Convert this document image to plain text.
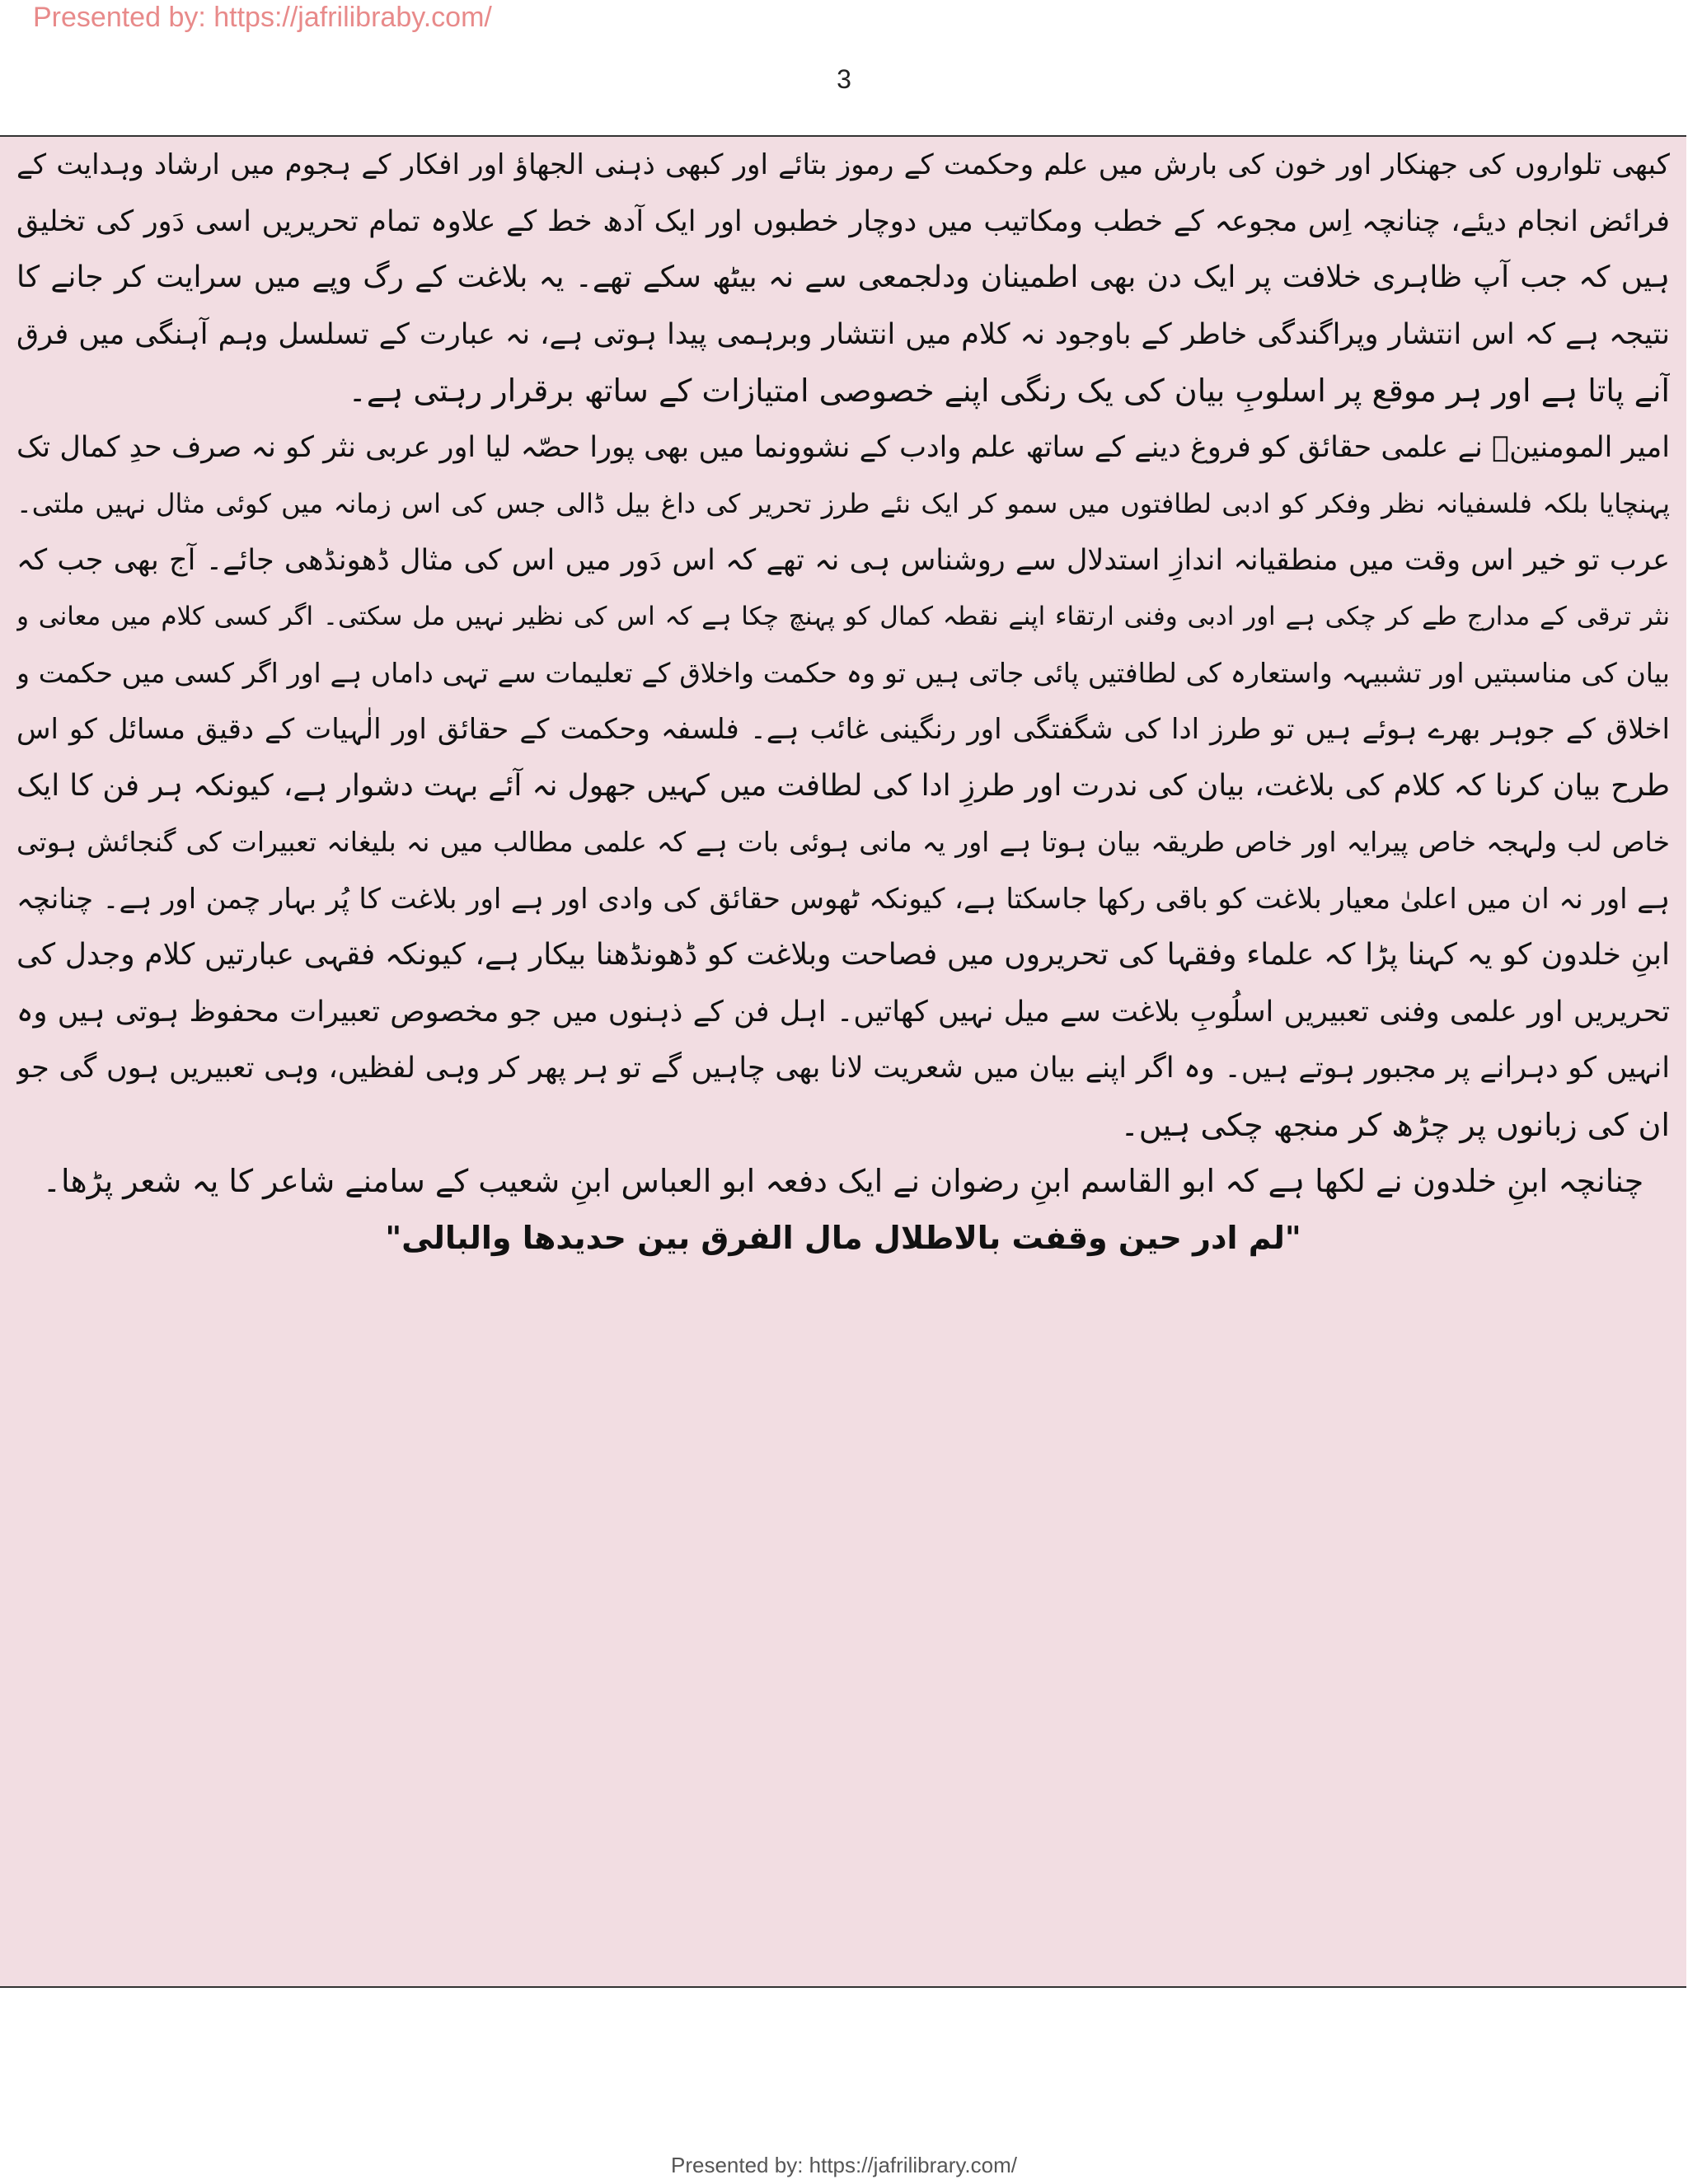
Presented by: https://jafrilibraby.com/
3
کبھی تلواروں کی جھنکار اور خون کی بارش میں علم وحکمت کے رموز بتائے اور کبھی ذہنی الجھاؤ اور افکار کے ہجوم میں ارشاد وہدایت کے
فرائض انجام دیئے، چنانچہ اِس مجوعہ کے خطب ومکاتیب میں دوچار خطبوں اور ایک آدھ خط کے علاوہ تمام تحریریں اسی دَور کی تخلیق
ہیں کہ جب آپ ظاہری خلافت پر ایک دن بھی اطمینان ودلجمعی سے نہ بیٹھ سکے تھے۔ یہ بلاغت کے رگ وپے میں سرایت کر جانے کا
نتیجہ ہے کہ اس انتشار وپراگندگی خاطر کے باوجود نہ کلام میں انتشار وبرہمی پیدا ہوتی ہے، نہ عبارت کے تسلسل وہم آہنگی میں فرق
آنے پاتا ہے اور ہر موقع پر اسلوبِ بیان کی یک رنگی اپنے خصوصی امتیازات کے ساتھ برقرار رہتی ہے۔
امیر المومنینؑ نے علمی حقائق کو فروغ دینے کے ساتھ علم وادب کے نشوونما میں بھی پورا حصّہ لیا اور عربی نثر کو نہ صرف حدِ کمال تک
پہنچایا بلکہ فلسفیانہ نظر وفکر کو ادبی لطافتوں میں سمو کر ایک نئے طرز تحریر کی داغ بیل ڈالی جس کی اس زمانہ میں کوئی مثال نہیں ملتی۔
عرب تو خیر اس وقت میں منطقیانہ اندازِ استدلال سے روشناس ہی نہ تھے کہ اس دَور میں اس کی مثال ڈھونڈھی جائے۔ آج بھی جب کہ
نثر ترقی کے مدارج طے کر چکی ہے اور ادبی وفنی ارتقاء اپنے نقطہ کمال کو پہنچ چکا ہے کہ اس کی نظیر نہیں مل سکتی۔ اگر کسی کلام میں معانی و
بیان کی مناسبتیں اور تشبیہہ واستعارہ کی لطافتیں پائی جاتی ہیں تو وہ حکمت واخلاق کے تعلیمات سے تہی داماں ہے اور اگر کسی میں حکمت و
اخلاق کے جوہر بھرے ہوئے ہیں تو طرز ادا کی شگفتگی اور رنگینی غائب ہے۔ فلسفہ وحکمت کے حقائق اور الٰہیات کے دقیق مسائل کو اس
طرح بیان کرنا کہ کلام کی بلاغت، بیان کی ندرت اور طرزِ ادا کی لطافت میں کہیں جھول نہ آئے بہت دشوار ہے، کیونکہ ہر فن کا ایک
خاص لب ولہجہ خاص پیرایہ اور خاص طریقہ بیان ہوتا ہے اور یہ مانی ہوئی بات ہے کہ علمی مطالب میں نہ بلیغانہ تعبیرات کی گنجائش ہوتی
ہے اور نہ ان میں اعلیٰ معیار بلاغت کو باقی رکھا جاسکتا ہے، کیونکہ ٹھوس حقائق کی وادی اور ہے اور بلاغت کا پُر بہار چمن اور ہے۔ چنانچہ
ابنِ خلدون کو یہ کہنا پڑا کہ علماء وفقہا کی تحریروں میں فصاحت وبلاغت کو ڈھونڈھنا بیکار ہے، کیونکہ فقہی عبارتیں کلام وجدل کی
تحریریں اور علمی وفنی تعبیریں اسلُوبِ بلاغت سے میل نہیں کھاتیں۔ اہل فن کے ذہنوں میں جو مخصوص تعبیرات محفوظ ہوتی ہیں وہ
انہیں کو دہرانے پر مجبور ہوتے ہیں۔ وہ اگر اپنے بیان میں شعریت لانا بھی چاہیں گے تو ہر پھر کر وہی لفظیں، وہی تعبیریں ہوں گی جو
ان کی زبانوں پر چڑھ کر منجھ چکی ہیں۔
چنانچہ ابنِ خلدون نے لکھا ہے کہ ابو القاسم ابنِ رضوان نے ایک دفعہ ابو العباس ابنِ شعیب کے سامنے شاعر کا یہ شعر پڑھا۔
"لم ادر حین وقفت بالاطلال مال الفرق بین حدیدھا والبالی"
Presented by: https://jafrilibrary.com/
